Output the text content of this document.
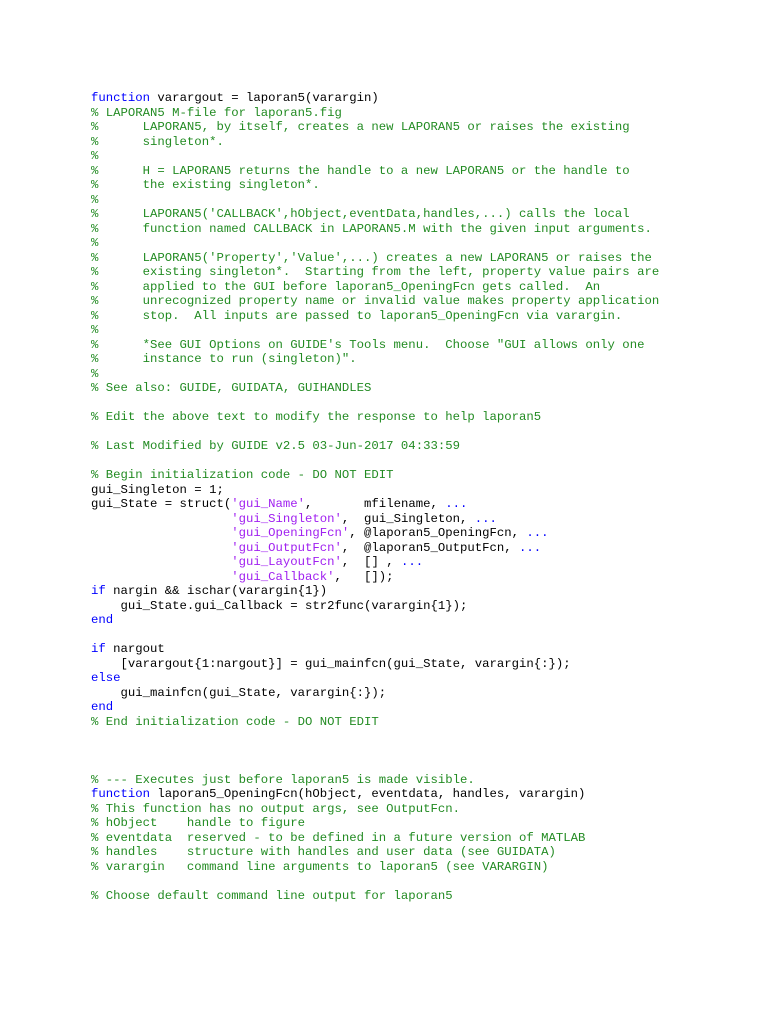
function varargout = laporan5(varargin)
% LAPORAN5 M-file for laporan5.fig
%      LAPORAN5, by itself, creates a new LAPORAN5 or raises the existing
%      singleton*.
%
%      H = LAPORAN5 returns the handle to a new LAPORAN5 or the handle to
%      the existing singleton*.
%
%      LAPORAN5('CALLBACK',hObject,eventData,handles,...) calls the local
%      function named CALLBACK in LAPORAN5.M with the given input arguments.
%
%      LAPORAN5('Property','Value',...) creates a new LAPORAN5 or raises the
%      existing singleton*.  Starting from the left, property value pairs are
%      applied to the GUI before laporan5_OpeningFcn gets called.  An
%      unrecognized property name or invalid value makes property application
%      stop.  All inputs are passed to laporan5_OpeningFcn via varargin.
%
%      *See GUI Options on GUIDE's Tools menu.  Choose "GUI allows only one
%      instance to run (singleton)".
%
% See also: GUIDE, GUIDATA, GUIHANDLES

% Edit the above text to modify the response to help laporan5

% Last Modified by GUIDE v2.5 03-Jun-2017 04:33:59

% Begin initialization code - DO NOT EDIT
gui_Singleton = 1;
gui_State = struct('gui_Name',       mfilename, ...
'gui_Singleton',  gui_Singleton, ...
'gui_OpeningFcn', @laporan5_OpeningFcn, ...
'gui_OutputFcn',  @laporan5_OutputFcn, ...
'gui_LayoutFcn',  [] , ...
'gui_Callback',   []);
if nargin && ischar(varargin{1})
gui_State.gui_Callback = str2func(varargin{1});
end

if nargout
[varargout{1:nargout}] = gui_mainfcn(gui_State, varargin{:});
else
gui_mainfcn(gui_State, varargin{:});
end
% End initialization code - DO NOT EDIT

% --- Executes just before laporan5 is made visible.
function laporan5_OpeningFcn(hObject, eventdata, handles, varargin)
% This function has no output args, see OutputFcn.
% hObject    handle to figure
% eventdata  reserved - to be defined in a future version of MATLAB
% handles    structure with handles and user data (see GUIDATA)
% varargin   command line arguments to laporan5 (see VARARGIN)

% Choose default command line output for laporan5
